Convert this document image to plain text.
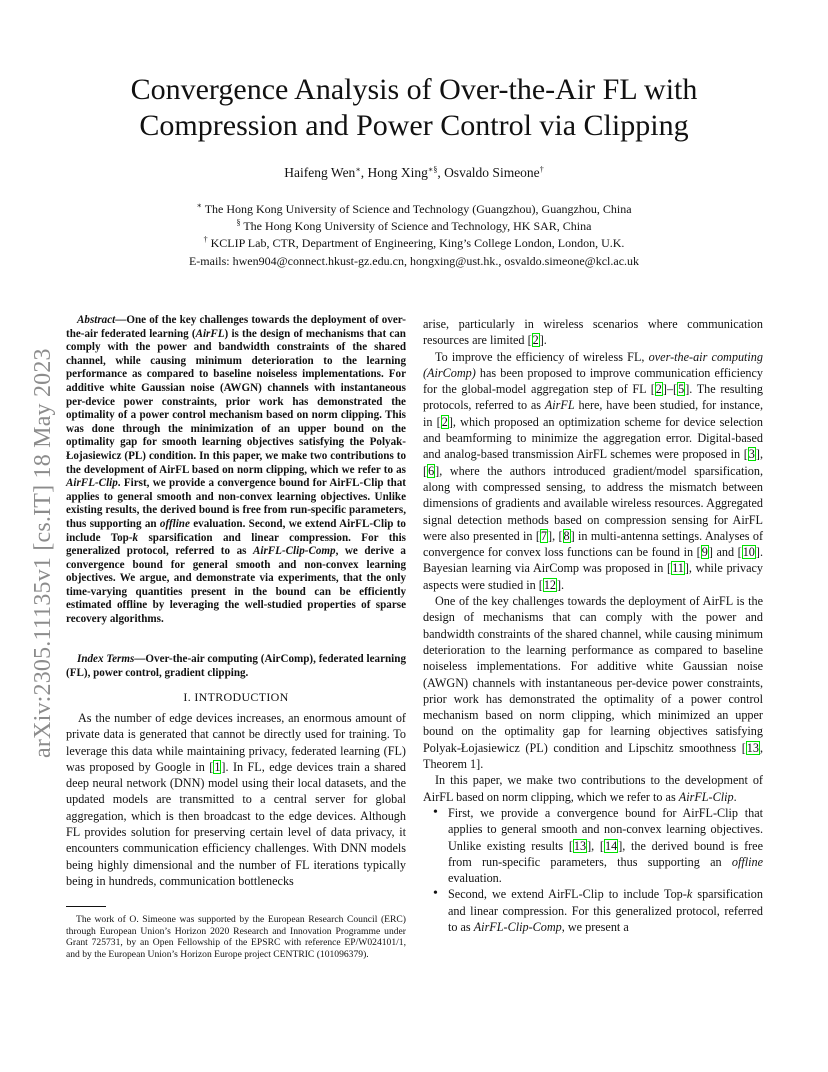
Convergence Analysis of Over-the-Air FL with
Compression and Power Control via Clipping
Haifeng Wen∗, Hong Xing∗§, Osvaldo Simeone†
∗ The Hong Kong University of Science and Technology (Guangzhou), Guangzhou, China
§ The Hong Kong University of Science and Technology, HK SAR, China
† KCLIP Lab, CTR, Department of Engineering, King’s College London, London, U.K.
E-mails: hwen904@connect.hkust-gz.edu.cn, hongxing@ust.hk., osvaldo.simeone@kcl.ac.uk
arXiv:2305.11135v1 [cs.IT] 18 May 2023
Abstract—One of the key challenges towards the deployment of over-the-air federated learning (AirFL) is the design of mechanisms that can comply with the power and bandwidth constraints of the shared channel, while causing minimum deterioration to the learning performance as compared to baseline noiseless implementations. For additive white Gaussian noise (AWGN) channels with instantaneous per-device power constraints, prior work has demonstrated the optimality of a power control mechanism based on norm clipping. This was done through the minimization of an upper bound on the optimality gap for smooth learning objectives satisfying the Polyak-Łojasiewicz (PL) condition. In this paper, we make two contributions to the development of AirFL based on norm clipping, which we refer to as AirFL-Clip. First, we provide a convergence bound for AirFL-Clip that applies to general smooth and non-convex learning objectives. Unlike existing results, the derived bound is free from run-specific parameters, thus supporting an offline evaluation. Second, we extend AirFL-Clip to include Top-k sparsification and linear compression. For this generalized protocol, referred to as AirFL-Clip-Comp, we derive a convergence bound for general smooth and non-convex learning objectives. We argue, and demonstrate via experiments, that the only time-varying quantities present in the bound can be efficiently estimated offline by leveraging the well-studied properties of sparse recovery algorithms.
Index Terms—Over-the-air computing (AirComp), federated learning (FL), power control, gradient clipping.
I. INTRODUCTION

As the number of edge devices increases, an enormous amount of private data is generated that cannot be directly used for training. To leverage this data while maintaining privacy, federated learning (FL) was proposed by Google in [1]. In FL, edge devices train a shared deep neural network (DNN) model using their local datasets, and the updated models are transmitted to a central server for global aggregation, which is then broadcast to the edge devices. Although FL provides solution for preserving certain level of data privacy, it encounters communication efficiency challenges. With DNN models being highly dimensional and the number of FL iterations typically being in hundreds, communication bottlenecks

The work of O. Simeone was supported by the European Research Council (ERC) through European Union’s Horizon 2020 Research and Innovation Programme under Grant 725731, by an Open Fellowship of the EPSRC with reference EP/W024101/1, and by the European Union’s Horizon Europe project CENTRIC (101096379).

arise, particularly in wireless scenarios where communication resources are limited [2].

To improve the efficiency of wireless FL, over-the-air computing (AirComp) has been proposed to improve communication efficiency for the global-model aggregation step of FL [2]–[5]. The resulting protocols, referred to as AirFL here, have been studied, for instance, in [2], which proposed an optimization scheme for device selection and beamforming to minimize the aggregation error. Digital-based and analog-based transmission AirFL schemes were proposed in [3], [6], where the authors introduced gradient/model sparsification, along with compressed sensing, to address the mismatch between dimensions of gradients and available wireless resources. Aggregated signal detection methods based on compression sensing for AirFL were also presented in [7], [8] in multi-antenna settings. Analyses of convergence for convex loss functions can be found in [9] and [10]. Bayesian learning via AirComp was proposed in [11], while privacy aspects were studied in [12].

One of the key challenges towards the deployment of AirFL is the design of mechanisms that can comply with the power and bandwidth constraints of the shared channel, while causing minimum deterioration to the learning performance as compared to baseline noiseless implementations. For additive white Gaussian noise (AWGN) channels with instantaneous per-device power constraints, prior work has demonstrated the optimality of a power control mechanism based on norm clipping, which minimized an upper bound on the optimality gap for learning objectives satisfying Polyak-Łojasiewicz (PL) condition and Lipschitz smoothness [13, Theorem 1].

In this paper, we make two contributions to the development of AirFL based on norm clipping, which we refer to as AirFL-Clip.

• First, we provide a convergence bound for AirFL-Clip that applies to general smooth and non-convex learning objectives. Unlike existing results [13], [14], the derived bound is free from run-specific parameters, thus supporting an offline evaluation.
• Second, we extend AirFL-Clip to include Top-k sparsification and linear compression. For this generalized protocol, referred to as AirFL-Clip-Comp, we present a
